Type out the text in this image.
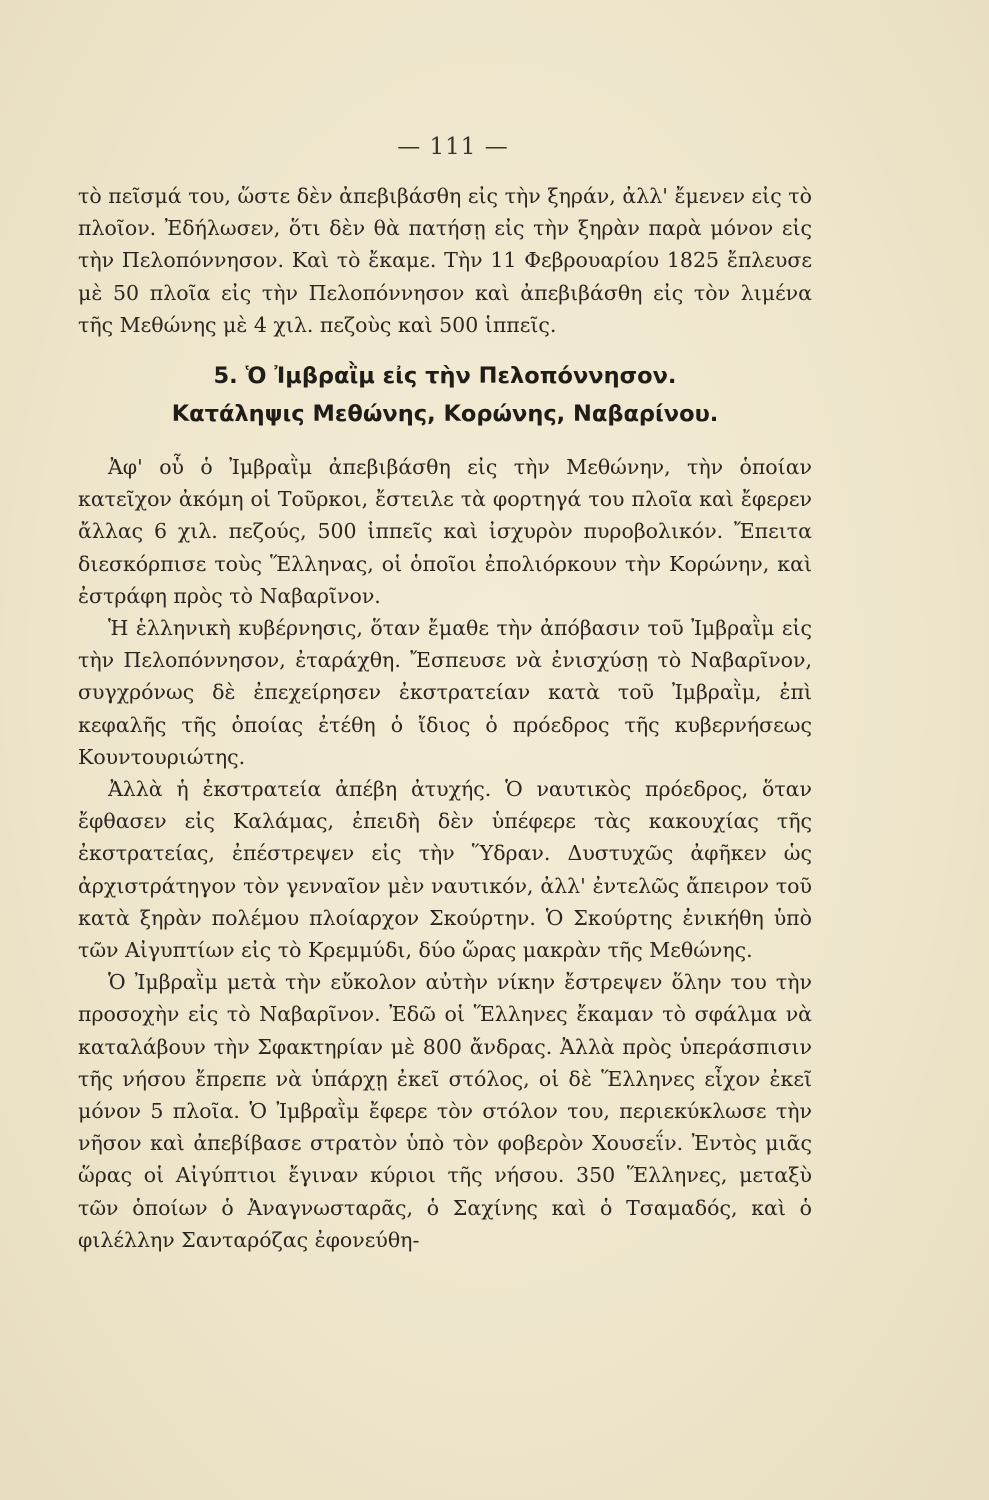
— 111 —

τὸ πεῖσμά του, ὥστε δὲν ἀπεβιβάσθη εἰς τὴν ξηράν, ἀλλ' ἔμενεν εἰς τὸ πλοῖον. Ἐδήλωσεν, ὅτι δὲν θὰ πατήσῃ εἰς τὴν ξηρὰν παρὰ μόνον εἰς τὴν Πελοπόννησον. Καὶ τὸ ἔκαμε. Τὴν 11 Φεβρουαρίου 1825 ἔπλευσε μὲ 50 πλοῖα εἰς τὴν Πελοπόννησον καὶ ἀπεβιβάσθη εἰς τὸν λιμένα τῆς Μεθώνης μὲ 4 χιλ. πεζοὺς καὶ 500 ἱππεῖς.

5. Ὁ Ἰμβραῒμ εἰς τὴν Πελοπόννησον.
Κατάληψις Μεθώνης, Κορώνης, Ναβαρίνου.

Ἀφ' οὗ ὁ Ἰμβραῒμ ἀπεβιβάσθη εἰς τὴν Μεθώνην, τὴν ὁποίαν κατεῖχον ἀκόμη οἱ Τοῦρκοι, ἔστειλε τὰ φορτηγά του πλοῖα καὶ ἔφερεν ἄλλας 6 χιλ. πεζούς, 500 ἱππεῖς καὶ ἰσχυρὸν πυροβολικόν. Ἔπειτα διεσκόρπισε τοὺς Ἕλληνας, οἱ ὁποῖοι ἐπολιόρκουν τὴν Κορώνην, καὶ ἐστράφη πρὸς τὸ Ναβαρῖνον.

Ἡ ἑλληνικὴ κυβέρνησις, ὅταν ἔμαθε τὴν ἀπόβασιν τοῦ Ἰμβραῒμ εἰς τὴν Πελοπόννησον, ἐταράχθη. Ἔσπευσε νὰ ἐνισχύσῃ τὸ Ναβαρῖνον, συγχρόνως δὲ ἐπεχείρησεν ἐκστρατείαν κατὰ τοῦ Ἰμβραῒμ, ἐπὶ κεφαλῆς τῆς ὁποίας ἐτέθη ὁ ἴδιος ὁ πρόεδρος τῆς κυβερνήσεως Κουντουριώτης.

Ἀλλὰ ἡ ἐκστρατεία ἀπέβη ἀτυχής. Ὁ ναυτικὸς πρόεδρος, ὅταν ἔφθασεν εἰς Καλάμας, ἐπειδὴ δὲν ὑπέφερε τὰς κακουχίας τῆς ἐκστρατείας, ἐπέστρεψεν εἰς τὴν Ὕδραν. Δυστυχῶς ἀφῆκεν ὡς ἀρχιστράτηγον τὸν γενναῖον μὲν ναυτικόν, ἀλλ' ἐντελῶς ἄπειρον τοῦ κατὰ ξηρὰν πολέμου πλοίαρχον Σκούρτην. Ὁ Σκούρτης ἐνικήθη ὑπὸ τῶν Αἰγυπτίων εἰς τὸ Κρεμμύδι, δύο ὥρας μακρὰν τῆς Μεθώνης.

Ὁ Ἰμβραῒμ μετὰ τὴν εὔκολον αὐτὴν νίκην ἔστρεψεν ὅλην του τὴν προσοχὴν εἰς τὸ Ναβαρῖνον. Ἐδῶ οἱ Ἕλληνες ἔκαμαν τὸ σφάλμα νὰ καταλάβουν τὴν Σφακτηρίαν μὲ 800 ἄνδρας. Ἀλλὰ πρὸς ὑπεράσπισιν τῆς νήσου ἔπρεπε νὰ ὑπάρχῃ ἐκεῖ στόλος, οἱ δὲ Ἕλληνες εἶχον ἐκεῖ μόνον 5 πλοῖα. Ὁ Ἰμβραῒμ ἔφερε τὸν στόλον του, περιεκύκλωσε τὴν νῆσον καὶ ἀπεβίβασε στρατὸν ὑπὸ τὸν φοβερὸν Χουσεΐν. Ἐντὸς μιᾶς ὥρας οἱ Αἰγύπτιοι ἔγιναν κύριοι τῆς νήσου. 350 Ἕλληνες, μεταξὺ τῶν ὁποίων ὁ Ἀναγνωσταρᾶς, ὁ Σαχίνης καὶ ὁ Τσαμαδός, καὶ ὁ φιλέλλην Σανταρόζας ἐφονεύθη-
